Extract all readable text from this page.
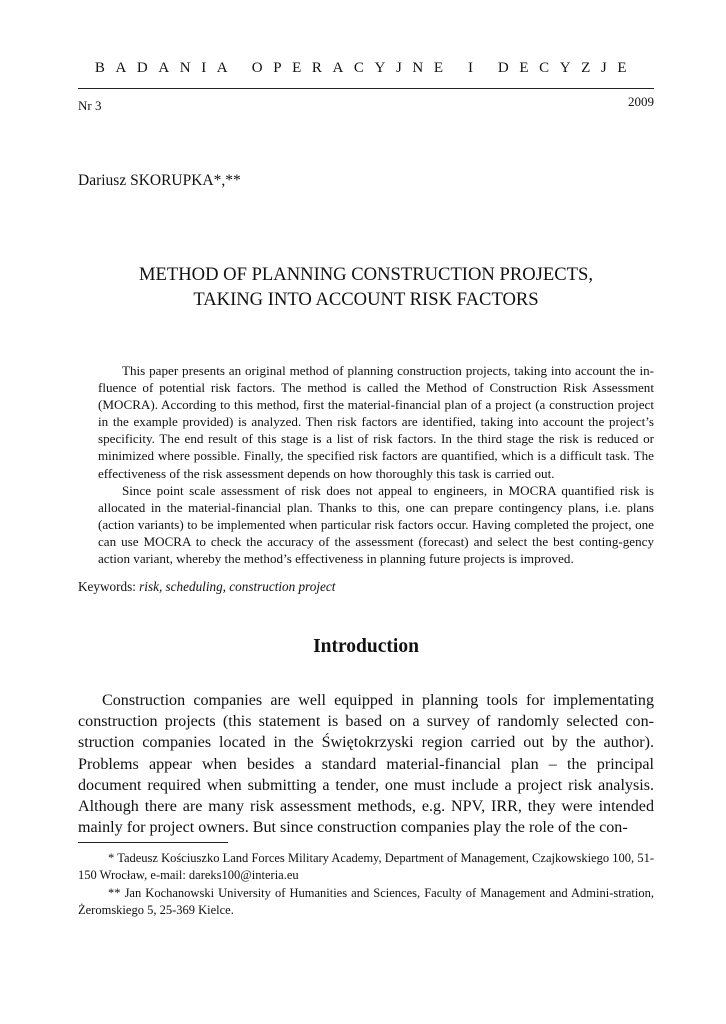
BADANIA OPERACYJNE I DECYZJE
Nr 3	2009
Dariusz SKORUPKA*,**
METHOD OF PLANNING CONSTRUCTION PROJECTS,
TAKING INTO ACCOUNT RISK FACTORS

This paper presents an original method of planning construction projects, taking into account the in-fluence of potential risk factors. The method is called the Method of Construction Risk Assessment (MOCRA). According to this method, first the material-financial plan of a project (a construction project in the example provided) is analyzed. Then risk factors are identified, taking into account the project’s specificity. The end result of this stage is a list of risk factors. In the third stage the risk is reduced or minimized where possible. Finally, the specified risk factors are quantified, which is a difficult task. The effectiveness of the risk assessment depends on how thoroughly this task is carried out.

Since point scale assessment of risk does not appeal to engineers, in MOCRA quantified risk is allocated in the material-financial plan. Thanks to this, one can prepare contingency plans, i.e. plans (action variants) to be implemented when particular risk factors occur. Having completed the project, one can use MOCRA to check the accuracy of the assessment (forecast) and select the best conting-gency action variant, whereby the method’s effectiveness in planning future projects is improved.

Keywords: risk, scheduling, construction project
Introduction

Construction companies are well equipped in planning tools for implementating construction projects (this statement is based on a survey of randomly selected con-struction companies located in the Świętokrzyski region carried out by the author). Problems appear when besides a standard material-financial plan – the principal document required when submitting a tender, one must include a project risk analysis. Although there are many risk assessment methods, e.g. NPV, IRR, they were intended mainly for project owners. But since construction companies play the role of the con-

* Tadeusz Kościuszko Land Forces Military Academy, Department of Management, Czajkowskiego 100, 51-150 Wrocław, e-mail: dareks100@interia.eu

** Jan Kochanowski University of Humanities and Sciences, Faculty of Management and Admini-stration, Żeromskiego 5, 25-369 Kielce.
